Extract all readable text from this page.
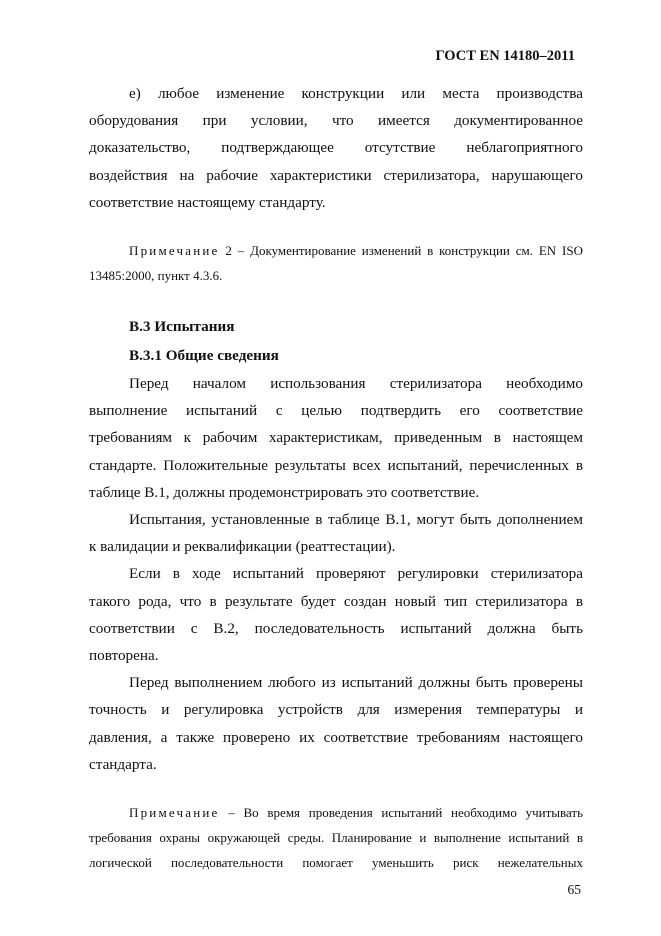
ГОСТ EN 14180–2011

е) любое изменение конструкции или места производства

оборудования при условии, что имеется документированное

доказательство, подтверждающее отсутствие неблагоприятного

воздействия на рабочие характеристики стерилизатора, нарушающего

соответствие настоящему стандарту.

Примечание 2 – Документирование изменений в конструкции см. EN ISO

13485:2000, пункт 4.3.6.

B.3 Испытания
B.3.1 Общие сведения

Перед началом использования стерилизатора необходимо

выполнение испытаний с целью подтвердить его соответствие

требованиям к рабочим характеристикам, приведенным в настоящем

стандарте. Положительные результаты всех испытаний, перечисленных в

таблице B.1, должны продемонстрировать это соответствие.

Испытания, установленные в таблице B.1, могут быть дополнением

к валидации и реквалификации (реаттестации).

Если в ходе испытаний проверяют регулировки стерилизатора

такого рода, что в результате будет создан новый тип стерилизатора в

соответствии с B.2, последовательность испытаний должна быть

повторена.

Перед выполнением любого из испытаний должны быть проверены

точность и регулировка устройств для измерения температуры и

давления, а также проверено их соответствие требованиям настоящего

стандарта.

Примечание – Во время проведения испытаний необходимо учитывать

требования охраны окружающей среды. Планирование и выполнение испытаний в

логической последовательности помогает уменьшить риск нежелательных

65
